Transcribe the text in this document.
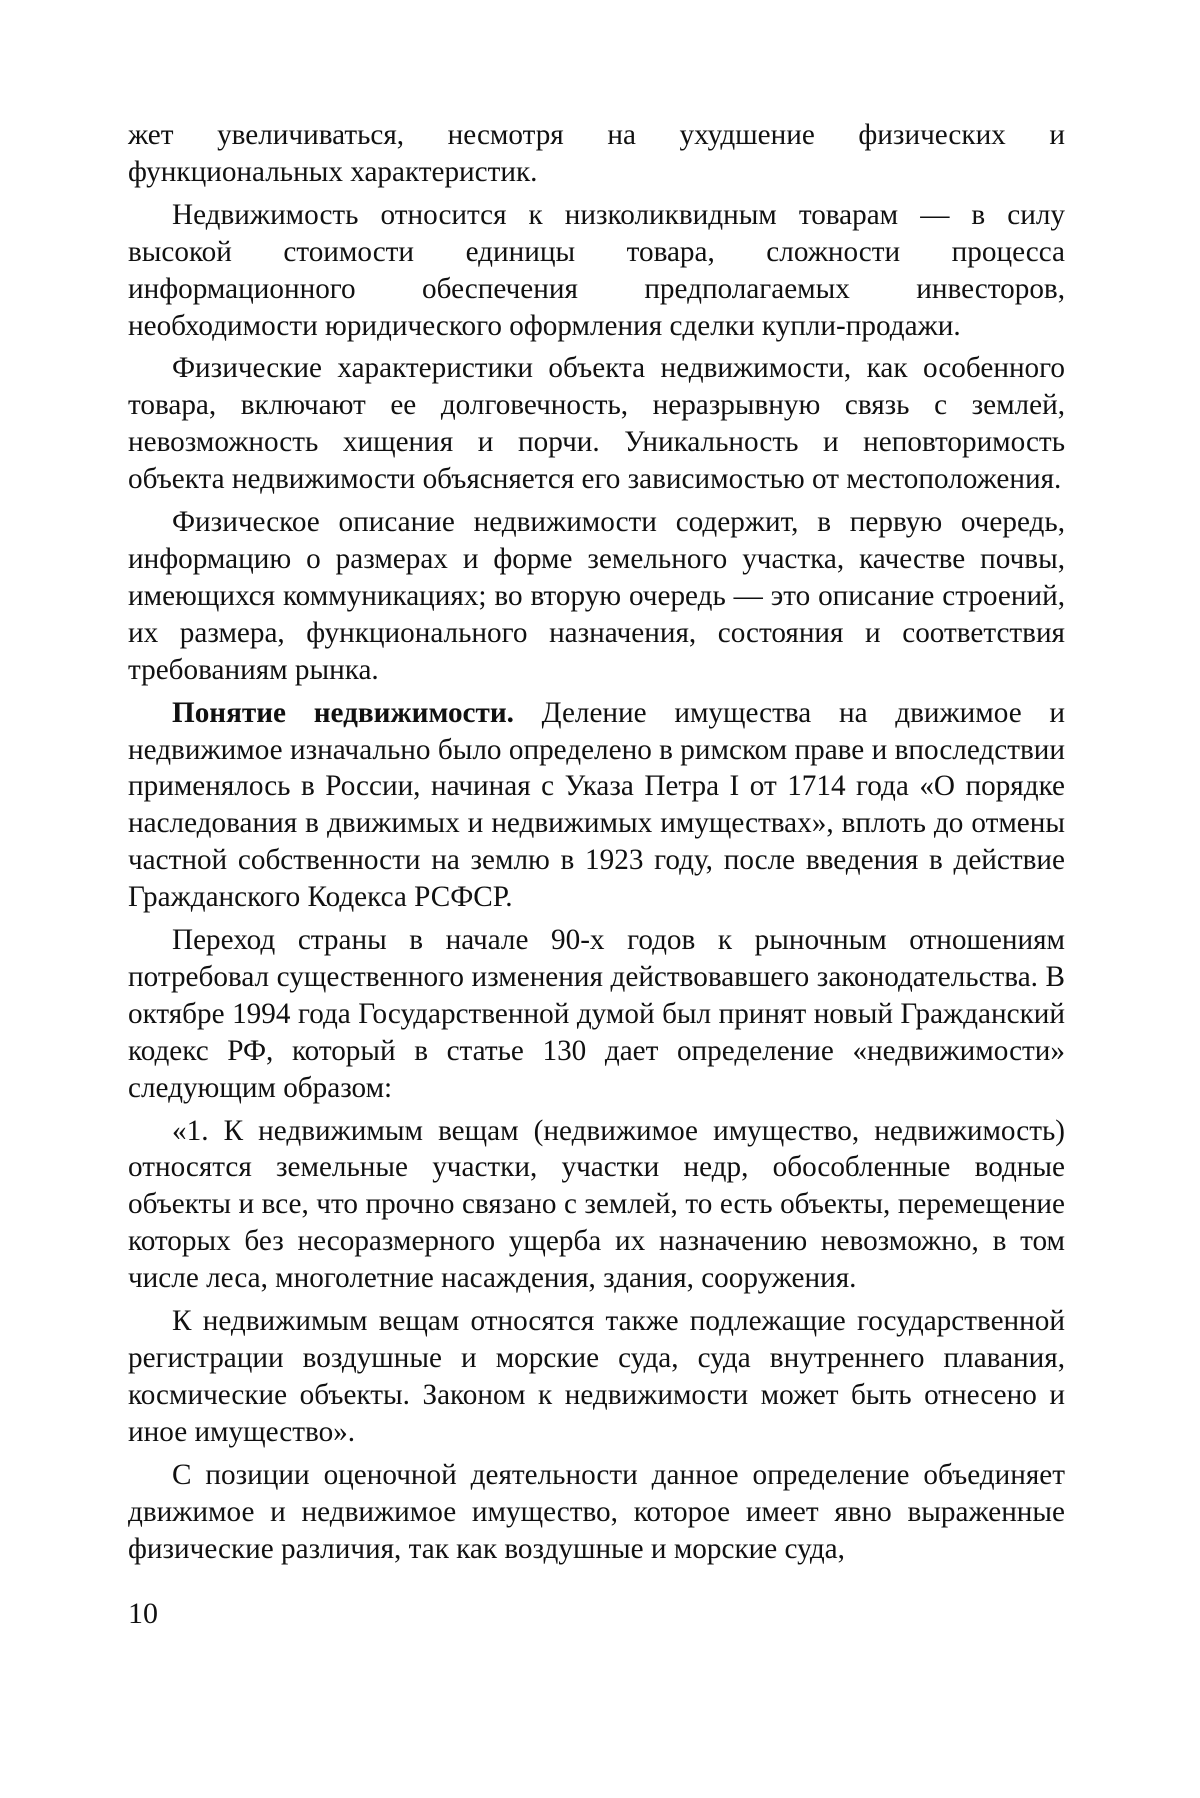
жет увеличиваться, несмотря на ухудшение физических и функциональных характеристик.

Недвижимость относится к низколиквидным товарам — в силу высокой стоимости единицы товара, сложности процесса информационного обеспечения предполагаемых инвесторов, необходимости юридического оформления сделки купли-продажи.

Физические характеристики объекта недвижимости, как особенного товара, включают ее долговечность, неразрывную связь с землей, невозможность хищения и порчи. Уникальность и неповторимость объекта недвижимости объясняется его зависимостью от местоположения.

Физическое описание недвижимости содержит, в первую очередь, информацию о размерах и форме земельного участка, качестве почвы, имеющихся коммуникациях; во вторую очередь — это описание строений, их размера, функционального назначения, состояния и соответствия требованиям рынка.

Понятие недвижимости. Деление имущества на движимое и недвижимое изначально было определено в римском праве и впоследствии применялось в России, начиная с Указа Петра I от 1714 года «О порядке наследования в движимых и недвижимых имуществах», вплоть до отмены частной собственности на землю в 1923 году, после введения в действие Гражданского Кодекса РСФСР.

Переход страны в начале 90-х годов к рыночным отношениям потребовал существенного изменения действовавшего законодательства. В октябре 1994 года Государственной думой был принят новый Гражданский кодекс РФ, который в статье 130 дает определение «недвижимости» следующим образом:

«1. К недвижимым вещам (недвижимое имущество, недвижимость) относятся земельные участки, участки недр, обособленные водные объекты и все, что прочно связано с землей, то есть объекты, перемещение которых без несоразмерного ущерба их назначению невозможно, в том числе леса, многолетние насаждения, здания, сооружения.

К недвижимым вещам относятся также подлежащие государственной регистрации воздушные и морские суда, суда внутреннего плавания, космические объекты. Законом к недвижимости может быть отнесено и иное имущество».

С позиции оценочной деятельности данное определение объединяет движимое и недвижимое имущество, которое имеет явно выраженные физические различия, так как воздушные и морские суда,

10
